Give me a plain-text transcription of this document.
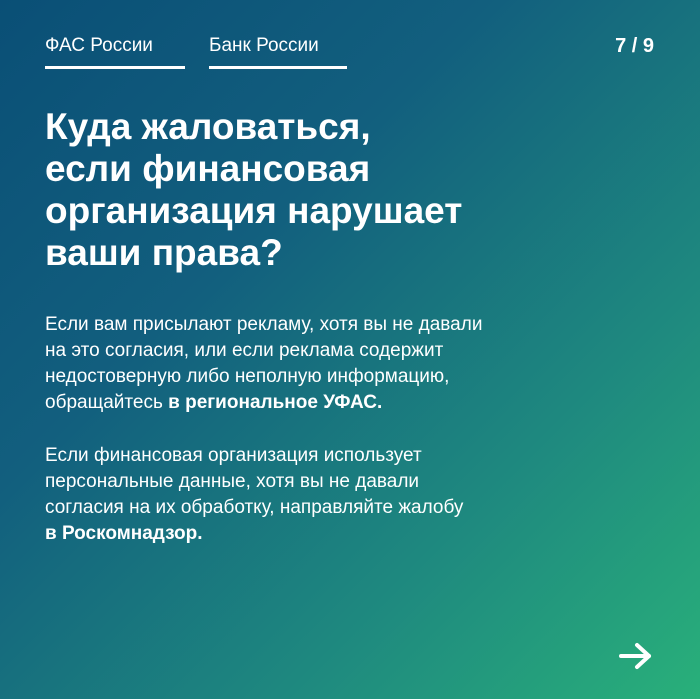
ФАС России	Банк России	7 / 9
Куда жаловаться,
если финансовая
организация нарушает
ваши права?

Если вам присылают рекламу, хотя вы не давали
на это согласия, или если реклама содержит
недостоверную либо неполную информацию,
обращайтесь в региональное УФАС.

Если финансовая организация использует
персональные данные, хотя вы не давали
согласия на их обработку, направляйте жалобу
в Роскомнадзор.
